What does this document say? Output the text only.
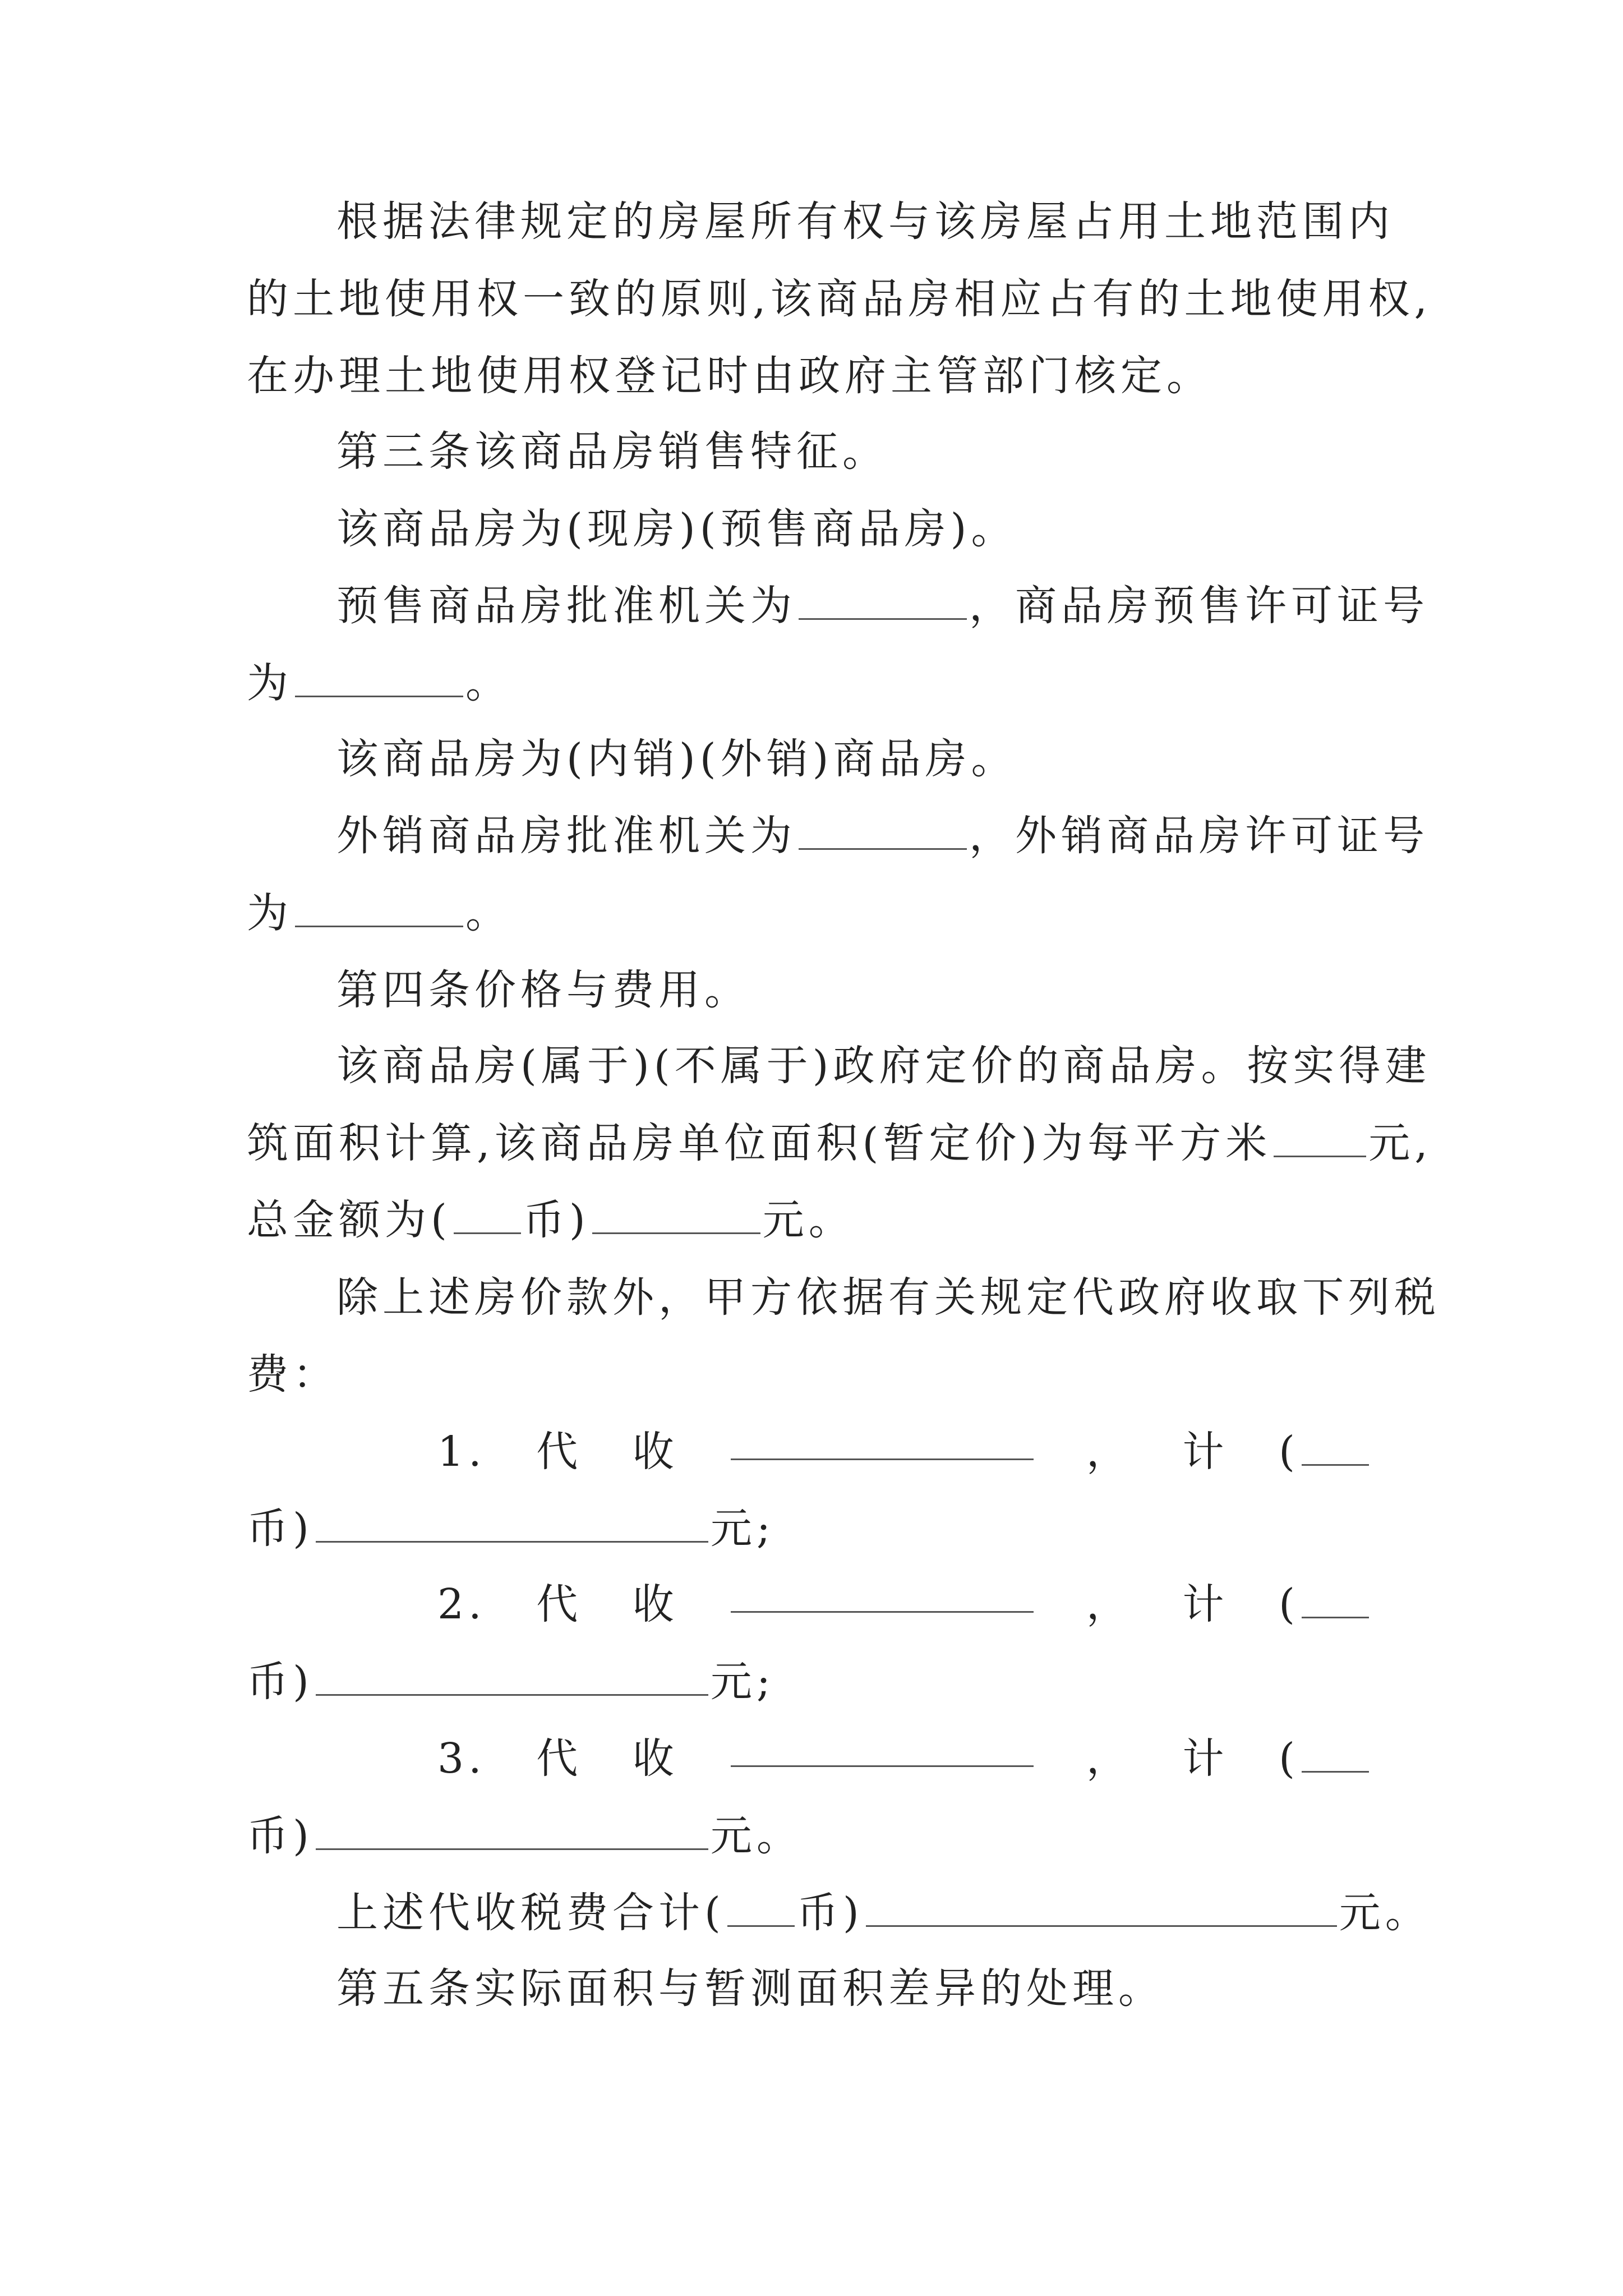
根据法律规定的房屋所有权与该房屋占用土地范围内

的土地使用权一致的原则,该商品房相应占有的土地使用权,

在办理土地使用权登记时由政府主管部门核定。

第三条该商品房销售特征。

该商品房为(现房)(预售商品房)。

预售商品房批准机关为	，商品房预售许可证号

为	。

该商品房为(内销)(外销)商品房。

外销商品房批准机关为	，外销商品房许可证号

为	。

第四条价格与费用。

该商品房(属于)(不属于)政府定价的商品房。按实得建

筑面积计算,该商品房单位面积(暂定价)为每平方米 元,

总金额为( 币)	元。

除上述房价款外，甲方依据有关规定代政府收取下列税

费：

1. 代 收	， 计 (

币)	元;

2. 代 收	， 计 (

币)	元;

3. 代 收	， 计 (

币)	元。

上述代收税费合计( 币)	元。

第五条实际面积与暂测面积差异的处理。
